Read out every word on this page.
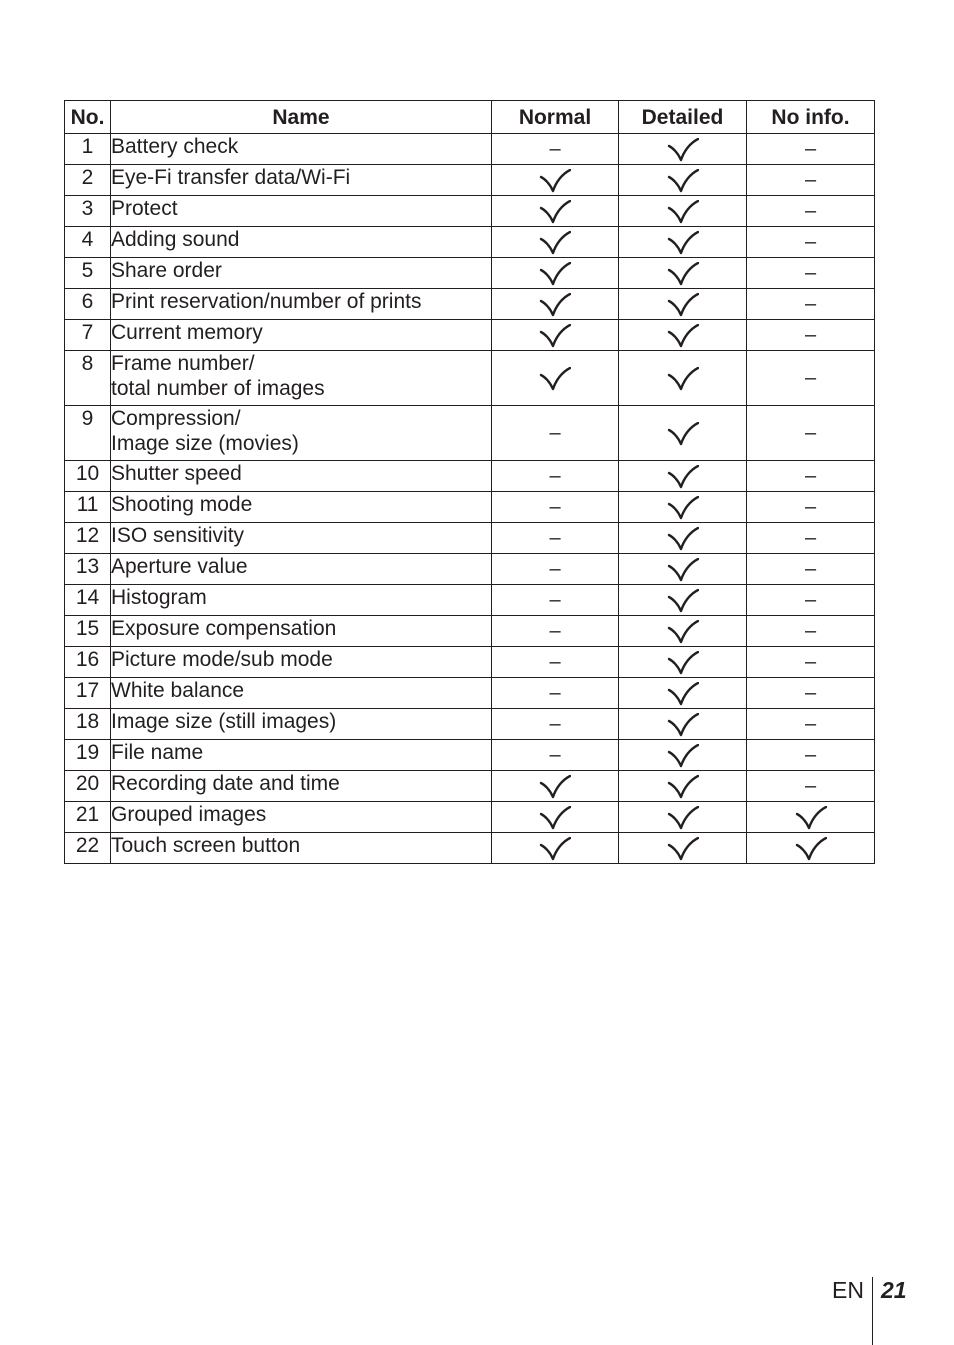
No.	Name	Normal	Detailed	No info.
1	Battery check	–		–
2	Eye-Fi transfer data/Wi-Fi			–
3	Protect			–
4	Adding sound			–
5	Share order			–
6	Print reservation/number of prints			–
7	Current memory			–
8	Frame number/
total number of images			–
9	Compression/
Image size (movies)	–		–
10	Shutter speed	–		–
11	Shooting mode	–		–
12	ISO sensitivity	–		–
13	Aperture value	–		–
14	Histogram	–		–
15	Exposure compensation	–		–
16	Picture mode/sub mode	–		–
17	White balance	–		–
18	Image size (still images)	–		–
19	File name	–		–
20	Recording date and time			–
21	Grouped images	

22	Touch screen button	

EN 21
